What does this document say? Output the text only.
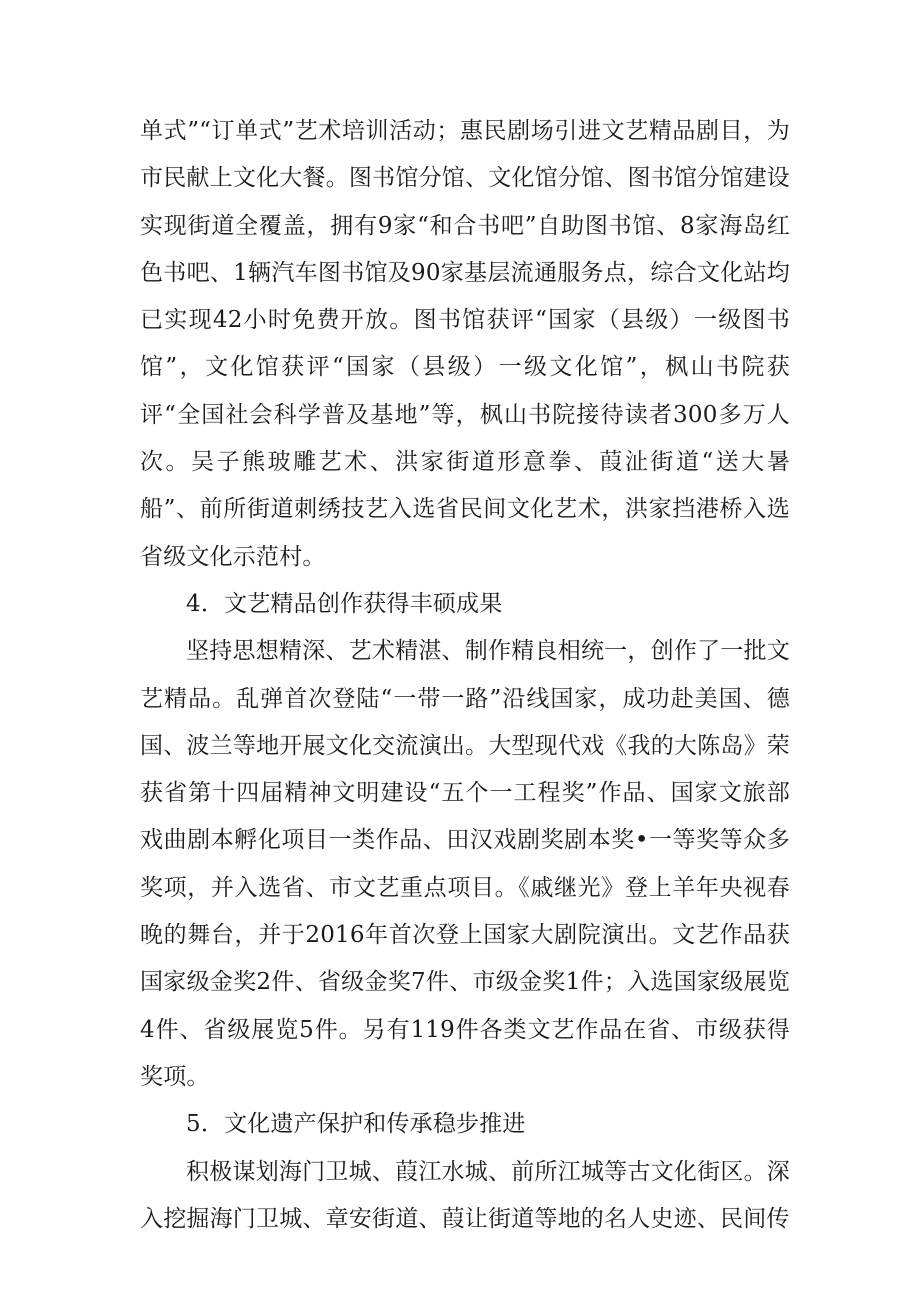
单式”“订单式”艺术培训活动；惠民剧场引进文艺精品剧目，为市民献上文化大餐。图书馆分馆、文化馆分馆、图书馆分馆建设实现街道全覆盖，拥有9家“和合书吧”自助图书馆、8家海岛红色书吧、1辆汽车图书馆及90家基层流通服务点，综合文化站均已实现42小时免费开放。图书馆获评“国家（县级）一级图书馆”，文化馆获评“国家（县级）一级文化馆”，枫山书院获评“全国社会科学普及基地”等，枫山书院接待读者300多万人次。吴子熊玻雕艺术、洪家街道形意拳、葭沚街道“送大暑船”、前所街道刺绣技艺入选省民间文化艺术，洪家挡港桥入选省级文化示范村。

4．文艺精品创作获得丰硕成果

坚持思想精深、艺术精湛、制作精良相统一，创作了一批文艺精品。乱弹首次登陆“一带一路”沿线国家，成功赴美国、德国、波兰等地开展文化交流演出。大型现代戏《我的大陈岛》荣获省第十四届精神文明建设“五个一工程奖”作品、国家文旅部戏曲剧本孵化项目一类作品、田汉戏剧奖剧本奖•一等奖等众多奖项，并入选省、市文艺重点项目。《戚继光》登上羊年央视春晚的舞台，并于2016年首次登上国家大剧院演出。文艺作品获国家级金奖2件、省级金奖7件、市级金奖1件；入选国家级展览4件、省级展览5件。另有119件各类文艺作品在省、市级获得奖项。

5．文化遗产保护和传承稳步推进

积极谋划海门卫城、葭江水城、前所江城等古文化街区。深入挖掘海门卫城、章安街道、葭让街道等地的名人史迹、民间传
